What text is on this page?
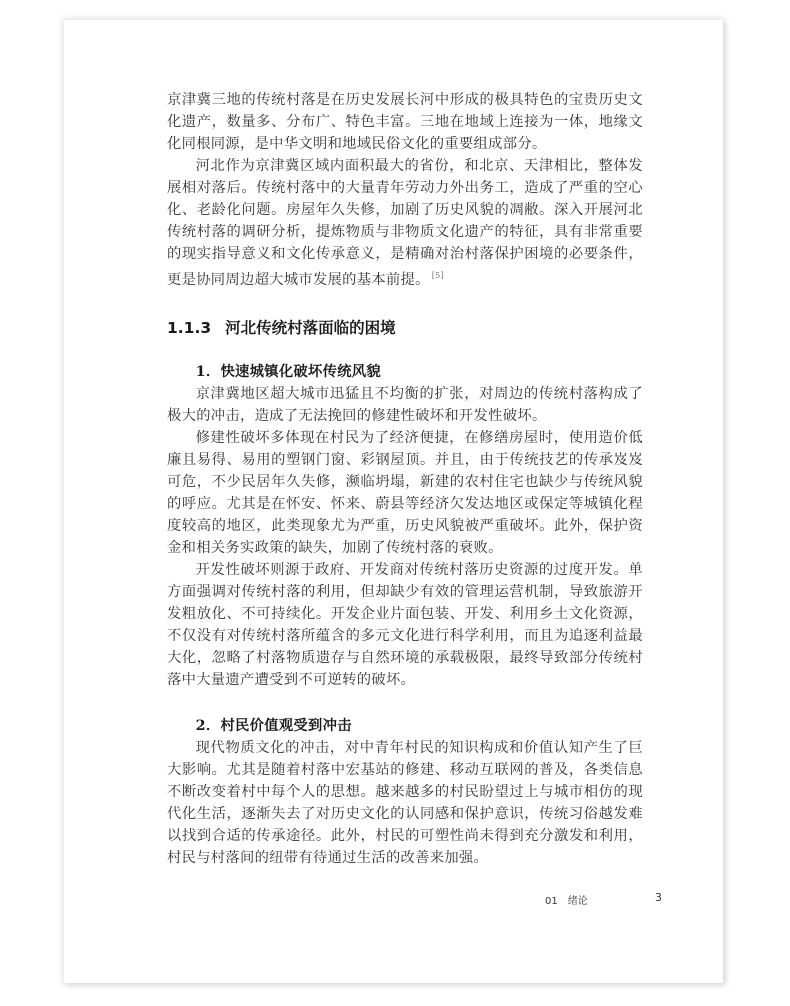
京津冀三地的传统村落是在历史发展长河中形成的极具特色的宝贵历史文化遗产，数量多、分布广、特色丰富。三地在地域上连接为一体，地缘文化同根同源，是中华文明和地域民俗文化的重要组成部分。

河北作为京津冀区域内面积最大的省份，和北京、天津相比，整体发展相对落后。传统村落中的大量青年劳动力外出务工，造成了严重的空心化、老龄化问题。房屋年久失修，加剧了历史风貌的凋敝。深入开展河北传统村落的调研分析，提炼物质与非物质文化遗产的特征，具有非常重要的现实指导意义和文化传承意义，是精确对治村落保护困境的必要条件，更是协同周边超大城市发展的基本前提。 [5]

1.1.3 河北传统村落面临的困境
1．快速城镇化破坏传统风貌

京津冀地区超大城市迅猛且不均衡的扩张，对周边的传统村落构成了极大的冲击，造成了无法挽回的修建性破坏和开发性破坏。

修建性破坏多体现在村民为了经济便捷，在修缮房屋时，使用造价低廉且易得、易用的塑钢门窗、彩钢屋顶。并且，由于传统技艺的传承岌岌可危，不少民居年久失修，濒临坍塌，新建的农村住宅也缺少与传统风貌的呼应。尤其是在怀安、怀来、蔚县等经济欠发达地区或保定等城镇化程度较高的地区，此类现象尤为严重，历史风貌被严重破坏。此外，保护资金和相关务实政策的缺失，加剧了传统村落的衰败。

开发性破坏则源于政府、开发商对传统村落历史资源的过度开发。单方面强调对传统村落的利用，但却缺少有效的管理运营机制，导致旅游开发粗放化、不可持续化。开发企业片面包装、开发、利用乡土文化资源，不仅没有对传统村落所蕴含的多元文化进行科学利用，而且为追逐利益最大化，忽略了村落物质遗存与自然环境的承载极限，最终导致部分传统村落中大量遗产遭受到不可逆转的破坏。

2．村民价值观受到冲击

现代物质文化的冲击，对中青年村民的知识构成和价值认知产生了巨大影响。尤其是随着村落中宏基站的修建、移动互联网的普及，各类信息不断改变着村中每个人的思想。越来越多的村民盼望过上与城市相仿的现代化生活，逐渐失去了对历史文化的认同感和保护意识，传统习俗越发难以找到合适的传承途径。此外，村民的可塑性尚未得到充分激发和利用，村民与村落间的纽带有待通过生活的改善来加强。

01 绪论	3
